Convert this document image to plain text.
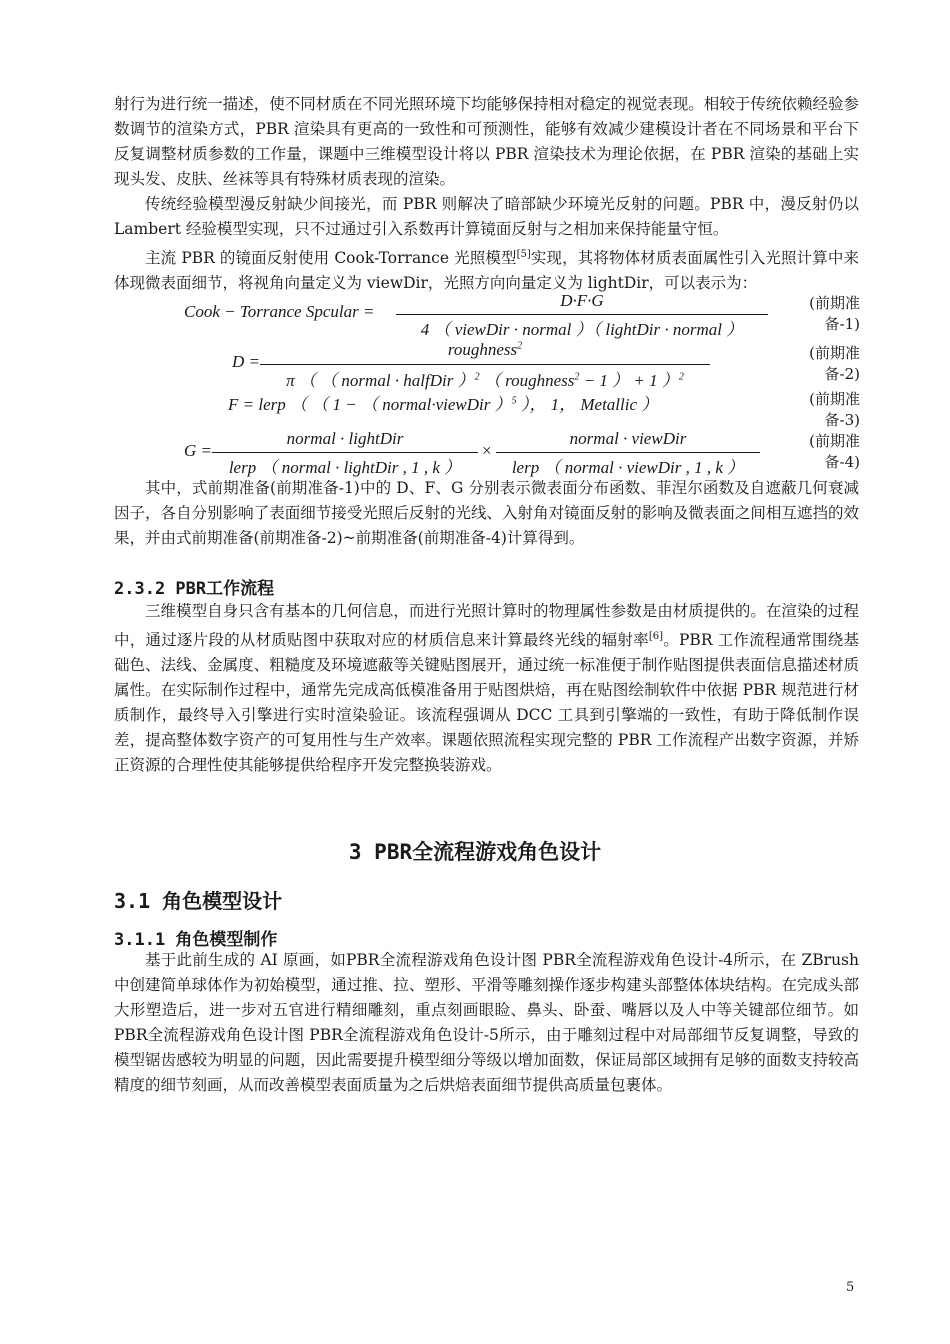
射行为进行统一描述，使不同材质在不同光照环境下均能够保持相对稳定的视觉表现。相较于传统依赖经验参数调节的渲染方式，PBR 渲染具有更高的一致性和可预测性，能够有效减少建模设计者在不同场景和平台下反复调整材质参数的工作量，课题中三维模型设计将以 PBR 渲染技术为理论依据，在 PBR 渲染的基础上实现头发、皮肤、丝袜等具有特殊材质表现的渲染。

传统经验模型漫反射缺少间接光，而 PBR 则解决了暗部缺少环境光反射的问题。PBR 中，漫反射仍以 Lambert 经验模型实现，只不过通过引入系数再计算镜面反射与之相加来保持能量守恒。

主流 PBR 的镜面反射使用 Cook-Torrance 光照模型[5]实现，其将物体材质表面属性引入光照计算中来体现微表面细节，将视角向量定义为 viewDir，光照方向向量定义为 lightDir，可以表示为：

Cook − Torrance Spcular =
D·F·G
4 （ viewDir · normal ）（ lightDir · normal ）
(前期准备-1)
D =
roughness$^2$
π （ （ normal · halfDir ）$^2$ （ roughness$^2$ − 1 ） + 1 ）$^2$
(前期准备-2)
F = lerp （ （ 1 − （ normal·viewDir ）$^5$ ）， 1， Metallic ）	(前期准备-3)
G =
normal · lightDir
lerp （ normal · lightDir , 1 , k ）
×
normal · viewDir
lerp （ normal · viewDir , 1 , k ）
(前期准备-4)

其中，式前期准备(前期准备-1)中的 D、F、G 分别表示微表面分布函数、菲涅尔函数及自遮蔽几何衰减因子，各自分别影响了表面细节接受光照后反射的光线、入射角对镜面反射的影响及微表面之间相互遮挡的效果，并由式前期准备(前期准备-2)~前期准备(前期准备-4)计算得到。

2.3.2 PBR工作流程

三维模型自身只含有基本的几何信息，而进行光照计算时的物理属性参数是由材质提供的。在渲染的过程中，通过逐片段的从材质贴图中获取对应的材质信息来计算最终光线的辐射率[6]。PBR 工作流程通常围绕基础色、法线、金属度、粗糙度及环境遮蔽等关键贴图展开，通过统一标准便于制作贴图提供表面信息描述材质属性。在实际制作过程中，通常先完成高低模准备用于贴图烘焙，再在贴图绘制软件中依据 PBR 规范进行材质制作，最终导入引擎进行实时渲染验证。该流程强调从 DCC 工具到引擎端的一致性，有助于降低制作误差，提高整体数字资产的可复用性与生产效率。课题依照流程实现完整的 PBR 工作流程产出数字资源，并矫正资源的合理性使其能够提供给程序开发完整换装游戏。

3 PBR全流程游戏角色设计
3.1 角色模型设计
3.1.1 角色模型制作

基于此前生成的 AI 原画，如PBR全流程游戏角色设计图 PBR全流程游戏角色设计-4所示，在 ZBrush 中创建简单球体作为初始模型，通过推、拉、塑形、平滑等雕刻操作逐步构建头部整体体块结构。在完成头部大形塑造后，进一步对五官进行精细雕刻，重点刻画眼睑、鼻头、卧蚕、嘴唇以及人中等关键部位细节。如PBR全流程游戏角色设计图 PBR全流程游戏角色设计-5所示，由于雕刻过程中对局部细节反复调整，导致的模型锯齿感较为明显的问题，因此需要提升模型细分等级以增加面数，保证局部区域拥有足够的面数支持较高精度的细节刻画，从而改善模型表面质量为之后烘焙表面细节提供高质量包裹体。

5
